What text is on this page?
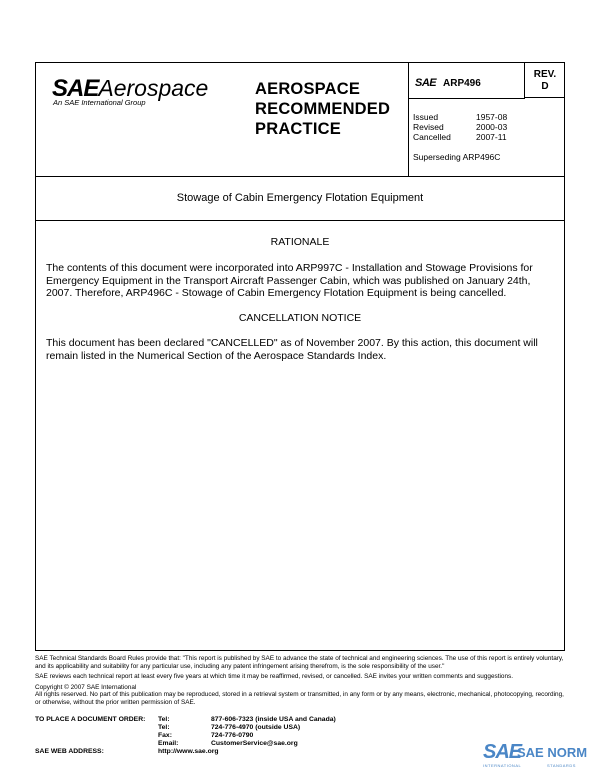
SAEAerospace
An SAE International Group
AEROSPACE
RECOMMENDED
PRACTICE
SAE ARP496
Issued	1957-08
Revised	2000-03
Cancelled	2007-11
Superseding ARP496C
REV.
D
Stowage of Cabin Emergency Flotation Equipment
RATIONALE
The contents of this document were incorporated into ARP997C - Installation and Stowage Provisions for Emergency Equipment in the Transport Aircraft Passenger Cabin, which was published on January 24th, 2007. Therefore, ARP496C - Stowage of Cabin Emergency Flotation Equipment is being cancelled.
CANCELLATION NOTICE
This document has been declared "CANCELLED" as of November 2007. By this action, this document will remain listed in the Numerical Section of the Aerospace Standards Index.

SAE Technical Standards Board Rules provide that: "This report is published by SAE to advance the state of technical and engineering sciences. The use of this report is entirely voluntary, and its applicability and suitability for any particular use, including any patent infringement arising therefrom, is the sole responsibility of the user."

SAE reviews each technical report at least every five years at which time it may be reaffirmed, revised, or cancelled. SAE invites your written comments and suggestions.

Copyright © 2007 SAE International
All rights reserved. No part of this publication may be reproduced, stored in a retrieval system or transmitted, in any form or by any means, electronic, mechanical, photocopying, recording, or otherwise, without the prior written permission of SAE.

TO PLACE A DOCUMENT ORDER: Tel:	877-606-7323 (inside USA and Canada)
Tel:	724-776-4970 (outside USA)
Fax:	724-776-0790
Email:	CustomerService@sae.org
SAE WEB ADDRESS:	http://www.sae.org	SAE
SAE NORM
INTERNATIONAL	STANDARDS
